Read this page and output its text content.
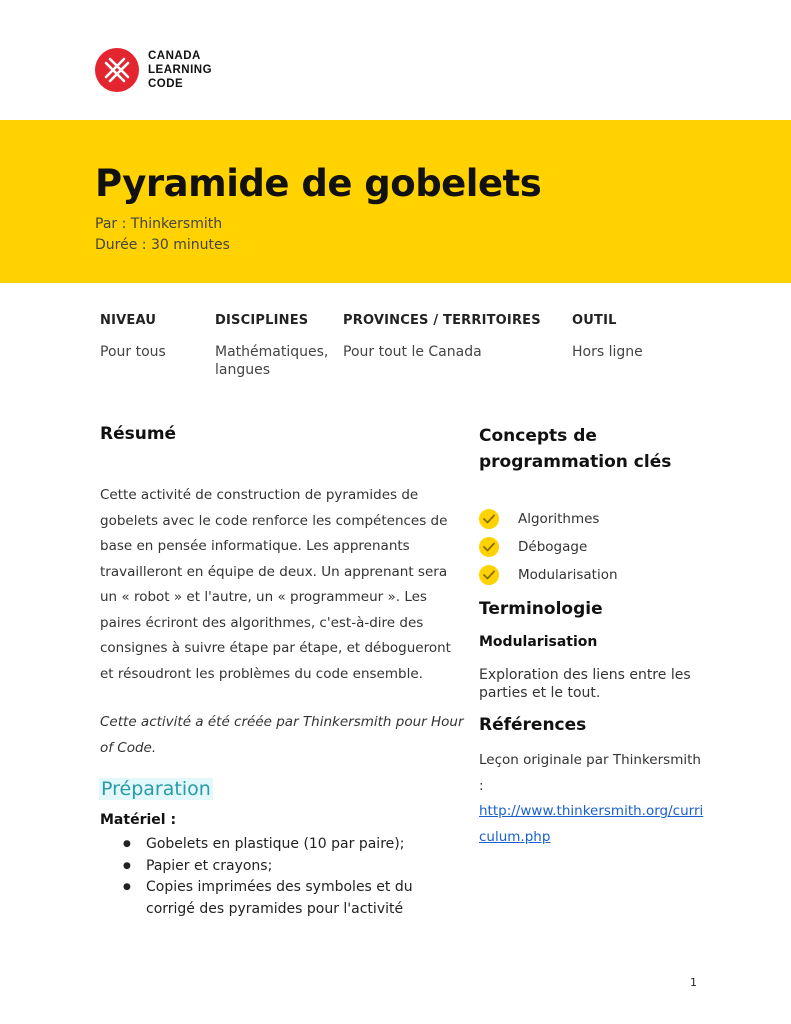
CANADA
LEARNING
CODE
Pyramide de gobelets
Par : Thinkersmith
Durée : 30 minutes
NIVEAU
Pour tous
DISCIPLINES
Mathématiques,
langues
PROVINCES / TERRITOIRES
Pour tout le Canada
OUTIL
Hors ligne
Résumé

Cette activité de construction de pyramides de gobelets avec le code renforce les compétences de base en pensée informatique. Les apprenants travailleront en équipe de deux. Un apprenant sera un « robot » et l'autre, un « programmeur ». Les paires écriront des algorithmes, c'est-à-dire des consignes à suivre étape par étape, et débogueront et résoudront les problèmes du code ensemble.

Cette activité a été créée par Thinkersmith pour Hour of Code.

Préparation
Matériel :
● Gobelets en plastique (10 par paire);
● Papier et crayons;
● Copies imprimées des symboles et du corrigé des pyramides pour l'activité
Concepts de
programmation clés
Algorithmes
Débogage
Modularisation
Terminologie
Modularisation

Exploration des liens entre les parties et le tout.

Références
Leçon originale par Thinkersmith :
http://www.thinkersmith.org/curriculum.php
1
